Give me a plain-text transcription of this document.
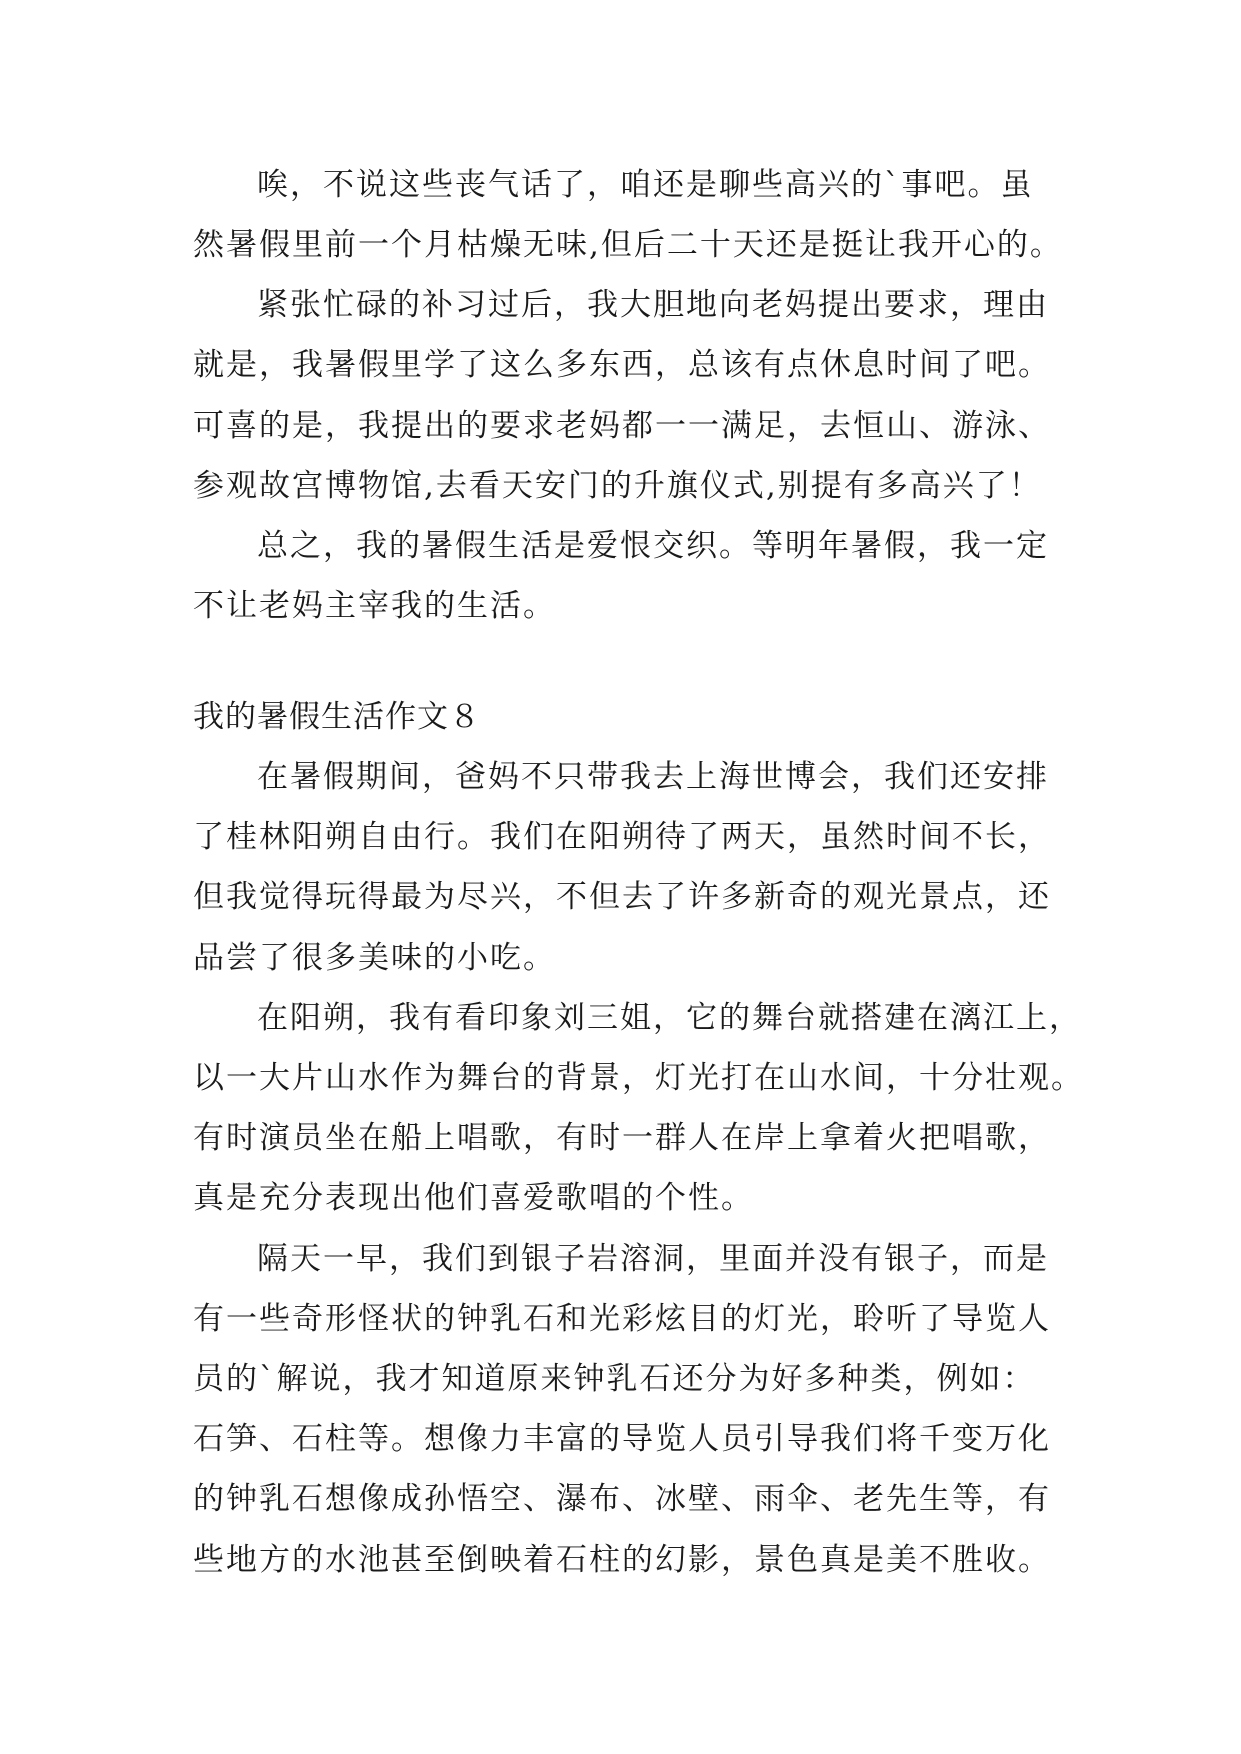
唉，不说这些丧气话了，咱还是聊些高兴的`事吧。虽
然暑假里前一个月枯燥无味,但后二十天还是挺让我开心的。
紧张忙碌的补习过后，我大胆地向老妈提出要求，理由
就是，我暑假里学了这么多东西，总该有点休息时间了吧。
可喜的是，我提出的要求老妈都一一满足，去恒山、游泳、
参观故宫博物馆,去看天安门的升旗仪式,别提有多高兴了！
总之，我的暑假生活是爱恨交织。等明年暑假，我一定
不让老妈主宰我的生活。
我的暑假生活作文８
在暑假期间，爸妈不只带我去上海世博会，我们还安排
了桂林阳朔自由行。我们在阳朔待了两天，虽然时间不长，
但我觉得玩得最为尽兴，不但去了许多新奇的观光景点，还
品尝了很多美味的小吃。
在阳朔，我有看印象刘三姐，它的舞台就搭建在漓江上，
以一大片山水作为舞台的背景，灯光打在山水间，十分壮观。
有时演员坐在船上唱歌，有时一群人在岸上拿着火把唱歌，
真是充分表现出他们喜爱歌唱的个性。
隔天一早，我们到银子岩溶洞，里面并没有银子，而是
有一些奇形怪状的钟乳石和光彩炫目的灯光，聆听了导览人
员的`解说，我才知道原来钟乳石还分为好多种类，例如：
石笋、石柱等。想像力丰富的导览人员引导我们将千变万化
的钟乳石想像成孙悟空、瀑布、冰壁、雨伞、老先生等，有
些地方的水池甚至倒映着石柱的幻影，景色真是美不胜收。
